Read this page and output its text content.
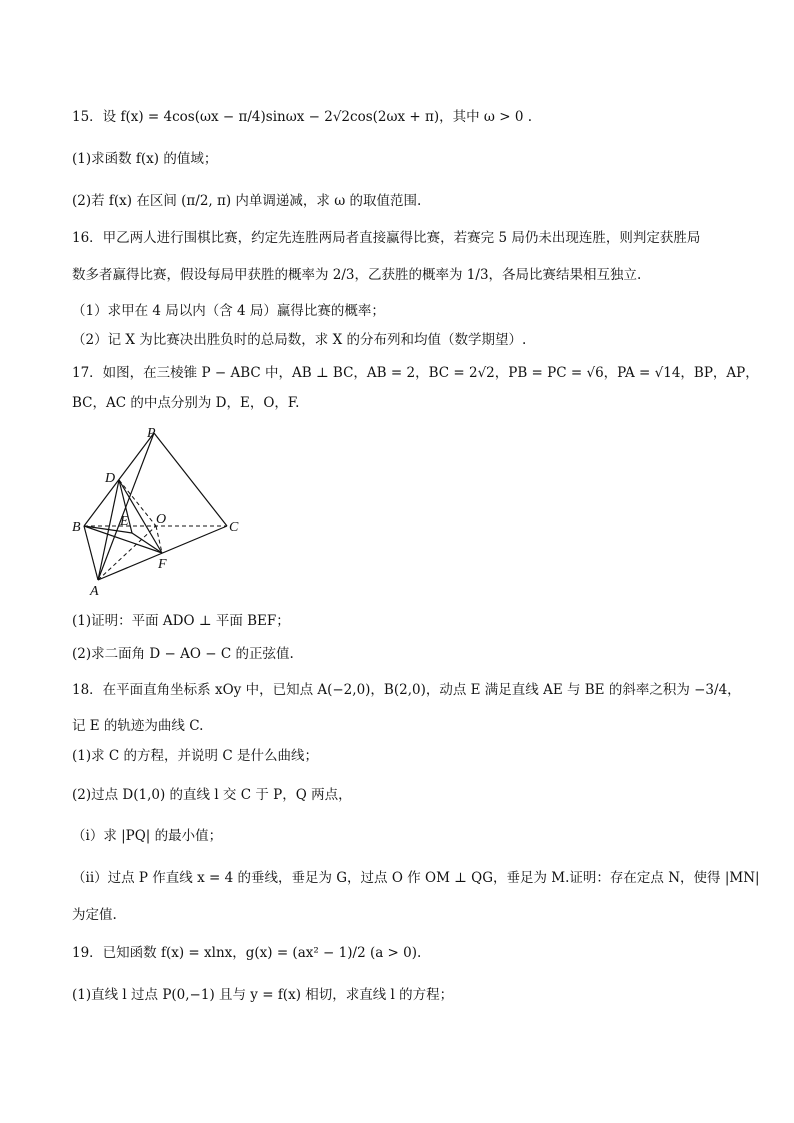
15．设 f(x) = 4cos(ωx − π/4)sinωx − 2√2cos(2ωx + π)，其中 ω > 0 .
(1)求函数 f(x) 的值域；
(2)若 f(x) 在区间 (π/2, π) 内单调递减，求 ω 的取值范围.
16．甲乙两人进行围棋比赛，约定先连胜两局者直接赢得比赛，若赛完 5 局仍未出现连胜，则判定获胜局
数多者赢得比赛，假设每局甲获胜的概率为 2/3，乙获胜的概率为 1/3，各局比赛结果相互独立.
（1）求甲在 4 局以内（含 4 局）赢得比赛的概率；
（2）记 X 为比赛决出胜负时的总局数，求 X 的分布列和均值（数学期望）.
17．如图，在三棱锥 P − ABC 中，AB ⊥ BC，AB = 2，BC = 2√2，PB = PC = √6，PA = √14，BP，AP，
BC，AC 的中点分别为 D，E，O，F.
P
D
B	E O
C
F
A
(1)证明：平面 ADO ⊥ 平面 BEF；
(2)求二面角 D − AO − C 的正弦值.
18．在平面直角坐标系 xOy 中，已知点 A(−2,0)，B(2,0)，动点 E 满足直线 AE 与 BE 的斜率之积为 −3/4，
记 E 的轨迹为曲线 C.
(1)求 C 的方程，并说明 C 是什么曲线；
(2)过点 D(1,0) 的直线 l 交 C 于 P，Q 两点，
（i）求 |PQ| 的最小值；
（ii）过点 P 作直线 x = 4 的垂线，垂足为 G，过点 O 作 OM ⊥ QG，垂足为 M.证明：存在定点 N，使得 |MN|
为定值.
19．已知函数 f(x) = xlnx，g(x) = (ax² − 1)/2 (a > 0).
(1)直线 l 过点 P(0,−1) 且与 y = f(x) 相切，求直线 l 的方程；
